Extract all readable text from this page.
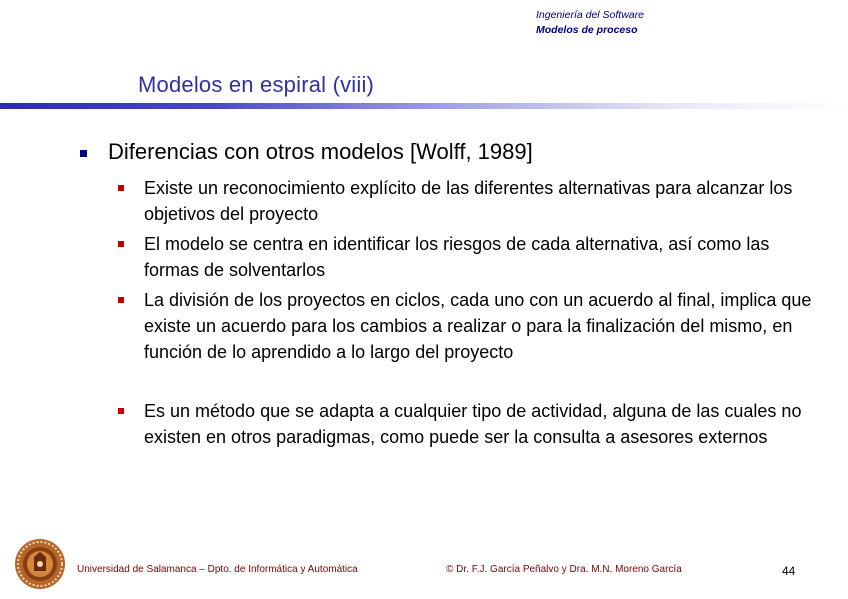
Ingeniería del Software
Modelos de proceso
Modelos en espiral (viii)
Diferencias con otros modelos [Wolff, 1989]
Existe un reconocimiento explícito de las diferentes alternativas para alcanzar los objetivos del proyecto
El modelo se centra en identificar los riesgos de cada alternativa, así como las formas de solventarlos
La división de los proyectos en ciclos, cada uno con un acuerdo al final, implica que existe un acuerdo para los cambios a realizar o para la finalización del mismo, en función de lo aprendido a lo largo del proyecto
Es un método que se adapta a cualquier tipo de actividad, alguna de las cuales no existen en otros paradigmas, como puede ser la consulta a asesores externos
Universidad de Salamanca – Dpto. de Informática y Automática	© Dr. F.J. García Peñalvo y Dra. M.N. Moreno García	44
